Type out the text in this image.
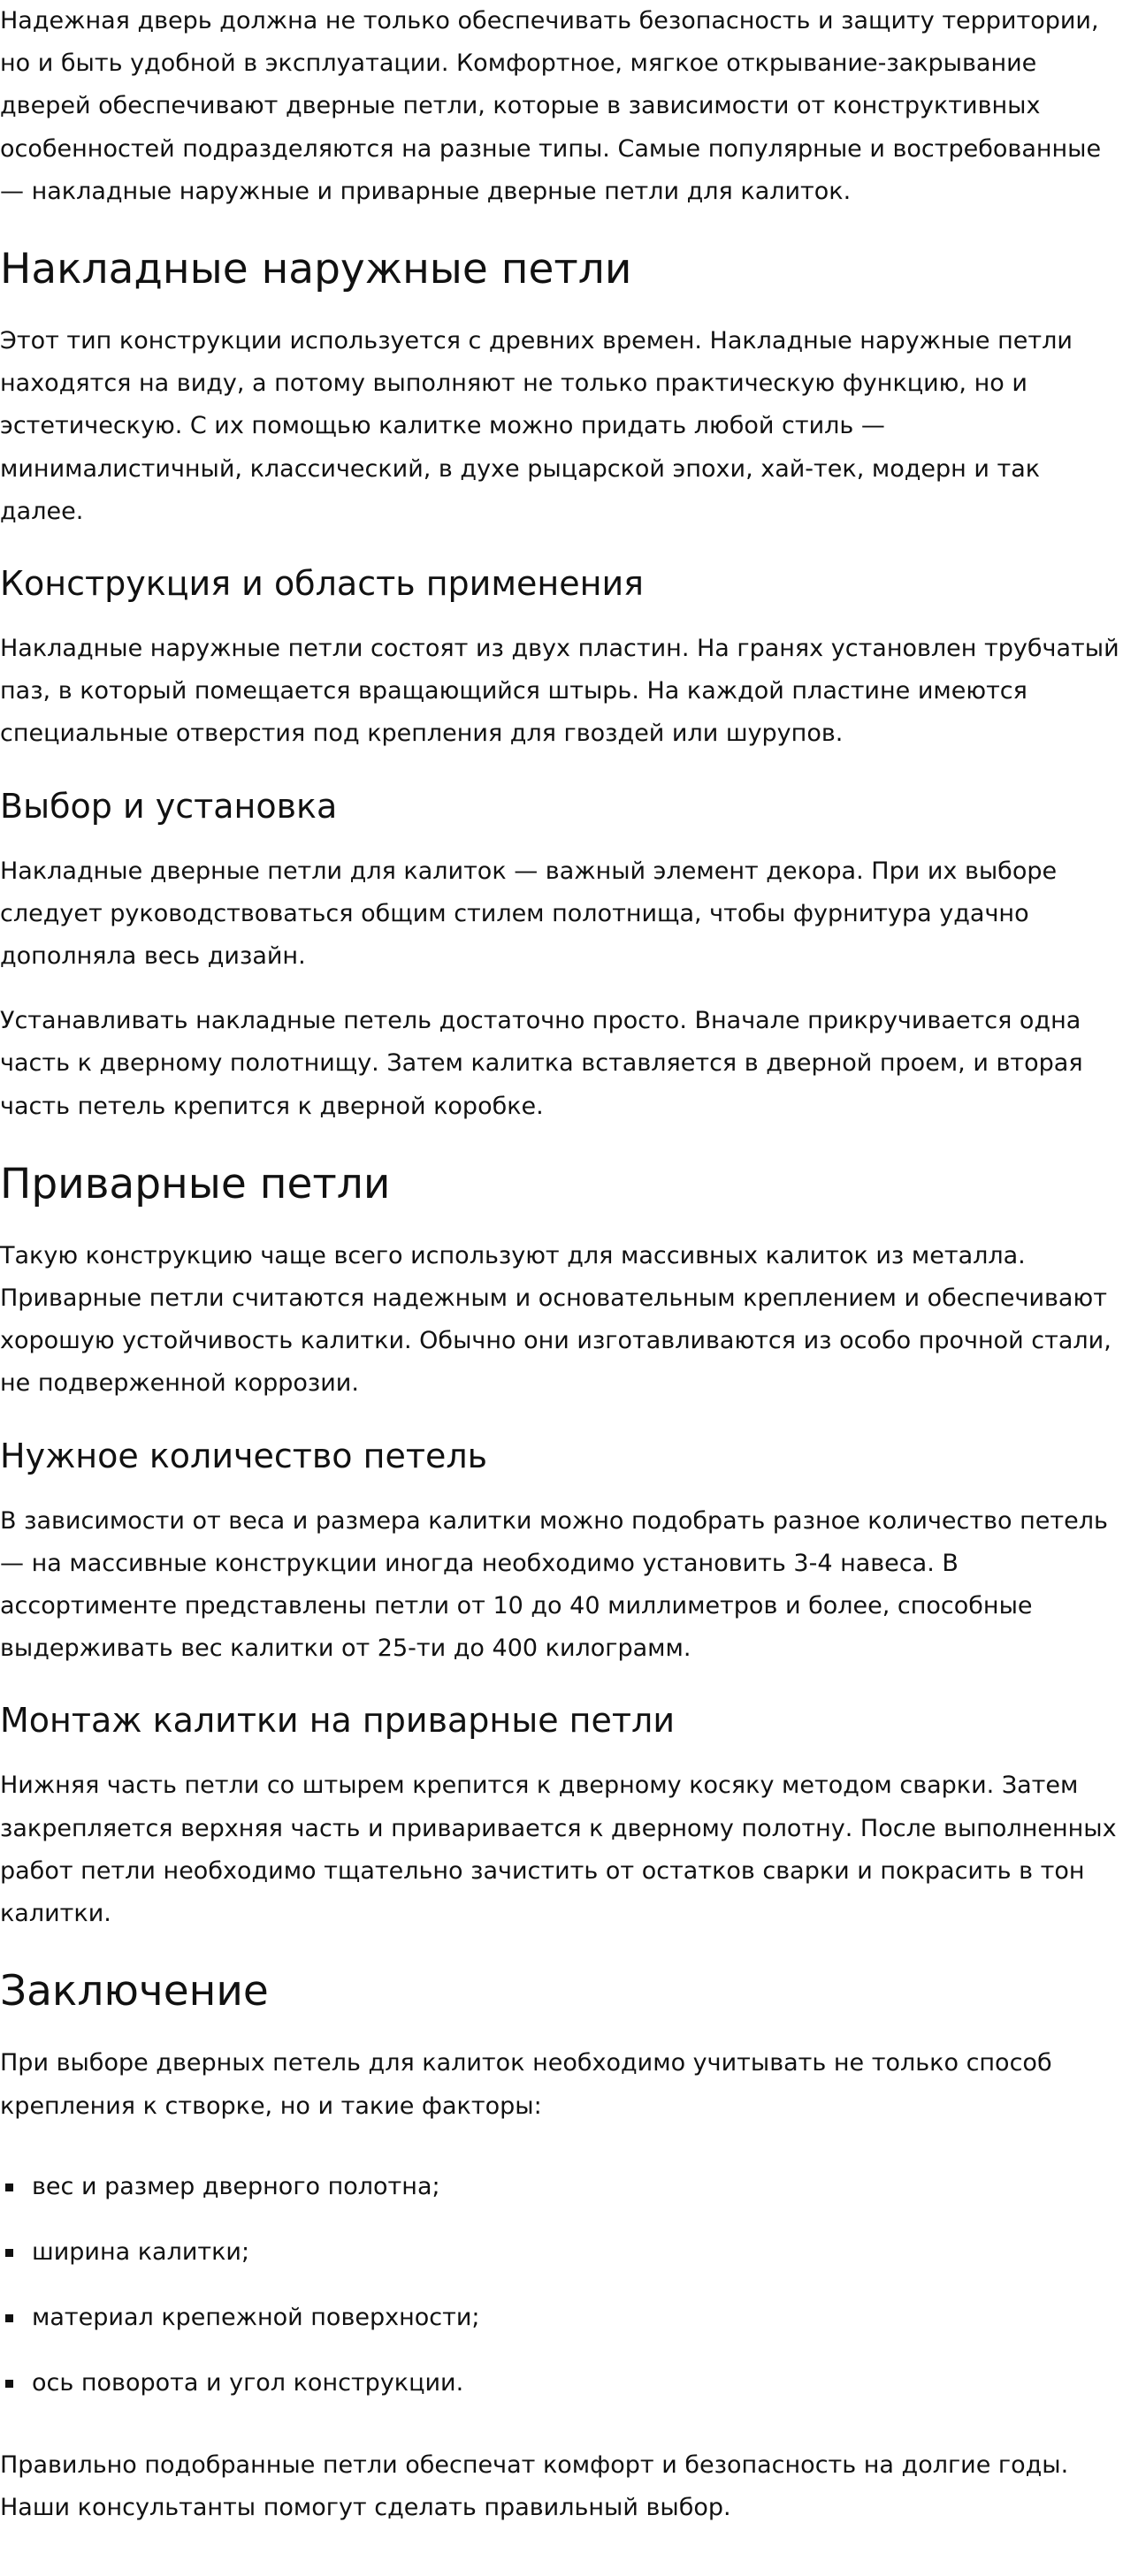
Надежная дверь должна не только обеспечивать безопасность и защиту территории, но и быть удобной в эксплуатации. Комфортное, мягкое открывание-закрывание дверей обеспечивают дверные петли, которые в зависимости от конструктивных особенностей подразделяются на разные типы. Самые популярные и востребованные — накладные наружные и приварные дверные петли для калиток.

Накладные наружные петли

Этот тип конструкции используется с древних времен. Накладные наружные петли находятся на виду, а потому выполняют не только практическую функцию, но и эстетическую. С их помощью калитке можно придать любой стиль — минималистичный, классический, в духе рыцарской эпохи, хай-тек, модерн и так далее.

Конструкция и область применения

Накладные наружные петли состоят из двух пластин. На гранях установлен трубчатый паз, в который помещается вращающийся штырь. На каждой пластине имеются специальные отверстия под крепления для гвоздей или шурупов.

Выбор и установка

Накладные дверные петли для калиток — важный элемент декора. При их выборе следует руководствоваться общим стилем полотнища, чтобы фурнитура удачно дополняла весь дизайн.

Устанавливать накладные петель достаточно просто. Вначале прикручивается одна часть к дверному полотнищу. Затем калитка вставляется в дверной проем, и вторая часть петель крепится к дверной коробке.

Приварные петли

Такую конструкцию чаще всего используют для массивных калиток из металла. Приварные петли считаются надежным и основательным креплением и обеспечивают хорошую устойчивость калитки. Обычно они изготавливаются из особо прочной стали, не подверженной коррозии.

Нужное количество петель

В зависимости от веса и размера калитки можно подобрать разное количество петель — на массивные конструкции иногда необходимо установить 3-4 навеса. В ассортименте представлены петли от 10 до 40 миллиметров и более, способные выдерживать вес калитки от 25-ти до 400 килограмм.

Монтаж калитки на приварные петли

Нижняя часть петли со штырем крепится к дверному косяку методом сварки. Затем закрепляется верхняя часть и приваривается к дверному полотну. После выполненных работ петли необходимо тщательно зачистить от остатков сварки и покрасить в тон калитки.

Заключение

При выборе дверных петель для калиток необходимо учитывать не только способ крепления к створке, но и такие факторы:

вес и размер дверного полотна;
ширина калитки;
материал крепежной поверхности;
ось поворота и угол конструкции.

Правильно подобранные петли обеспечат комфорт и безопасность на долгие годы. Наши консультанты помогут сделать правильный выбор.
